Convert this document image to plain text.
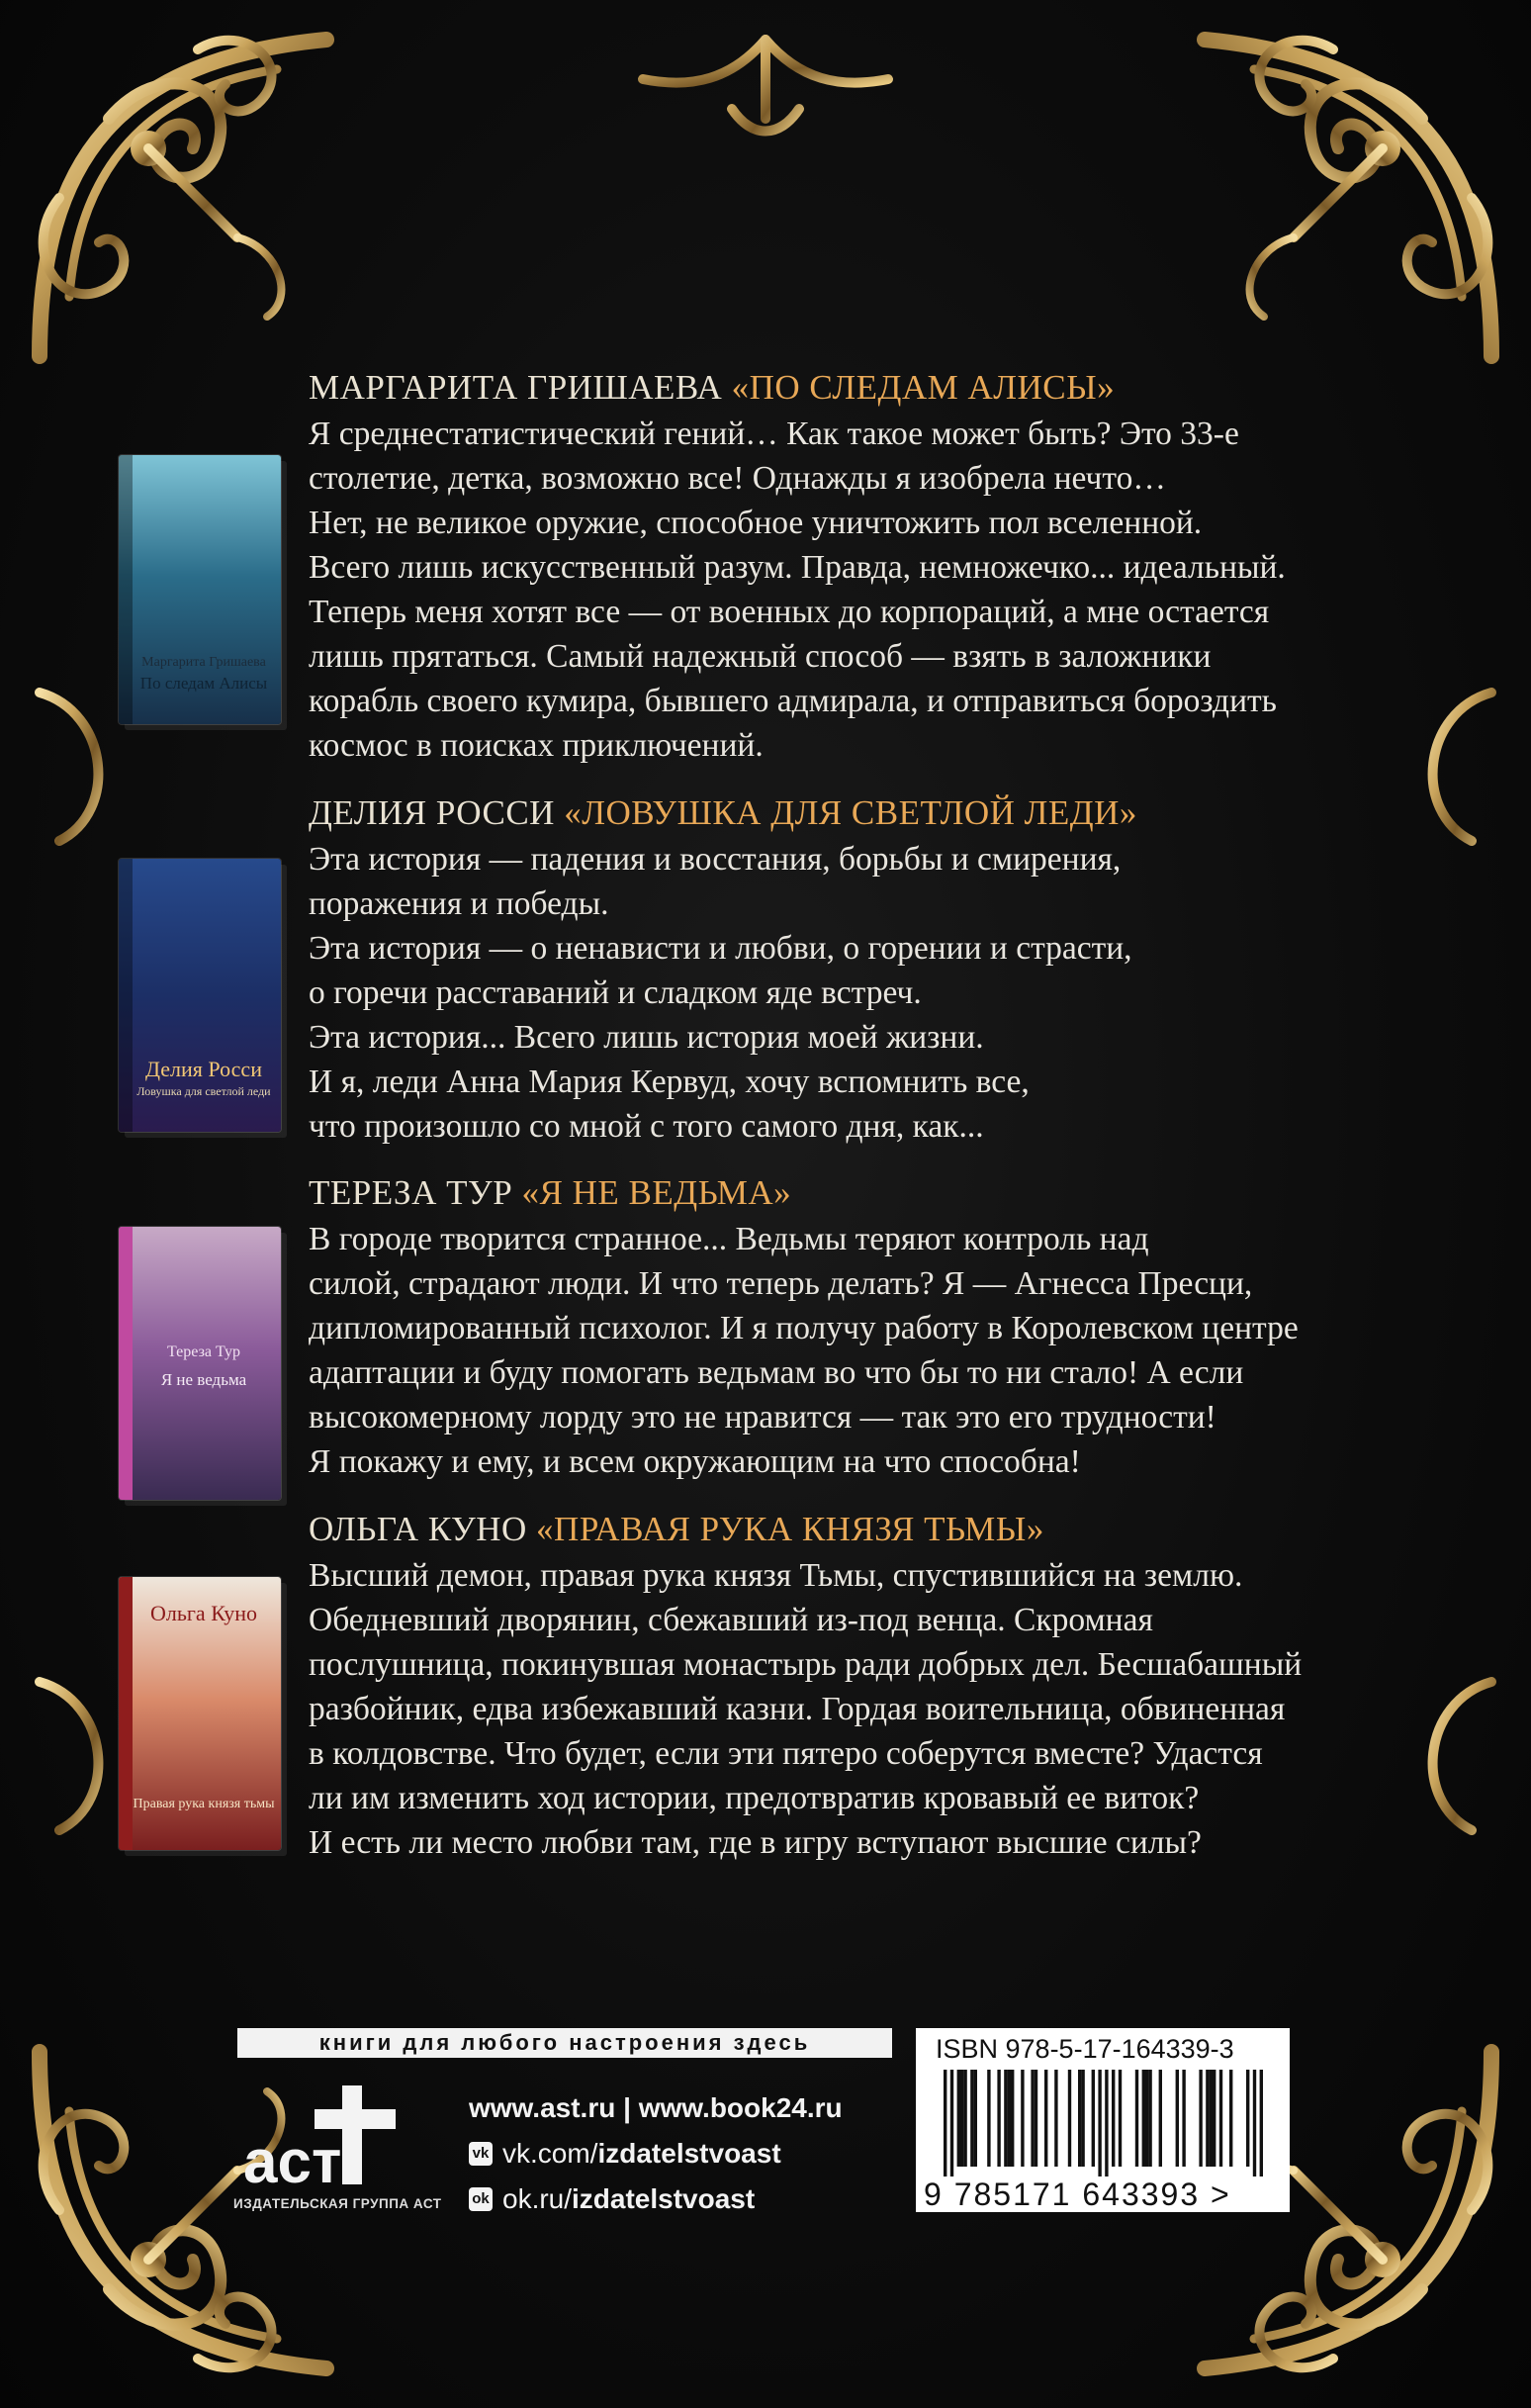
Маргарита Гришаева
По следам Алисы
МАРГАРИТА ГРИШАЕВА «ПО СЛЕДАМ АЛИСЫ»

Я среднестатистический гений… Как такое может быть? Это 33-е

столетие, детка, возможно все! Однажды я изобрела нечто…

Нет, не великое оружие, способное уничтожить пол вселенной.

Всего лишь искусственный разум. Правда, немножечко... идеальный.

Теперь меня хотят все — от военных до корпораций, а мне остается

лишь прятаться. Самый надежный способ — взять в заложники

корабль своего кумира, бывшего адмирала, и отправиться бороздить

космос в поисках приключений.

Делия Росси
Ловушка для светлой леди
ДЕЛИЯ РОССИ «ЛОВУШКА ДЛЯ СВЕТЛОЙ ЛЕДИ»

Эта история — падения и восстания, борьбы и смирения,

поражения и победы.

Эта история — о ненависти и любви, о горении и страсти,

о горечи расставаний и сладком яде встреч.

Эта история... Всего лишь история моей жизни.

И я, леди Анна Мария Кервуд, хочу вспомнить все,

что произошло со мной с того самого дня, как...

Тереза Тур
Я не ведьма
ТЕРЕЗА ТУР «Я НЕ ВЕДЬМА»

В городе творится странное... Ведьмы теряют контроль над

силой, страдают люди. И что теперь делать? Я — Агнесса Пресци,

дипломированный психолог. И я получу работу в Королевском центре

адаптации и буду помогать ведьмам во что бы то ни стало! А если

высокомерному лорду это не нравится — так это его трудности!

Я покажу и ему, и всем окружающим на что способна!

Ольга Куно
Правая рука князя тьмы
ОЛЬГА КУНО «ПРАВАЯ РУКА КНЯЗЯ ТЬМЫ»

Высший демон, правая рука князя Тьмы, спустившийся на землю.

Обедневший дворянин, сбежавший из-под венца. Скромная

послушница, покинувшая монастырь ради добрых дел. Бесшабашный

разбойник, едва избежавший казни. Гордая воительница, обвиненная

в колдовстве. Что будет, если эти пятеро соберутся вместе? Удастся

ли им изменить ход истории, предотвратив кровавый ее виток?

И есть ли место любви там, где в игру вступают высшие силы?

книги для любого настроения здесь
аст
ИЗДАТЕЛЬСКАЯ ГРУППА АСТ
www.ast.ru | www.book24.ru
vk vk.com/ izdatelstvoast
ok ok.ru/ izdatelstvoast
ISBN 978-5-17-164339-3
9 785171 643393 >
